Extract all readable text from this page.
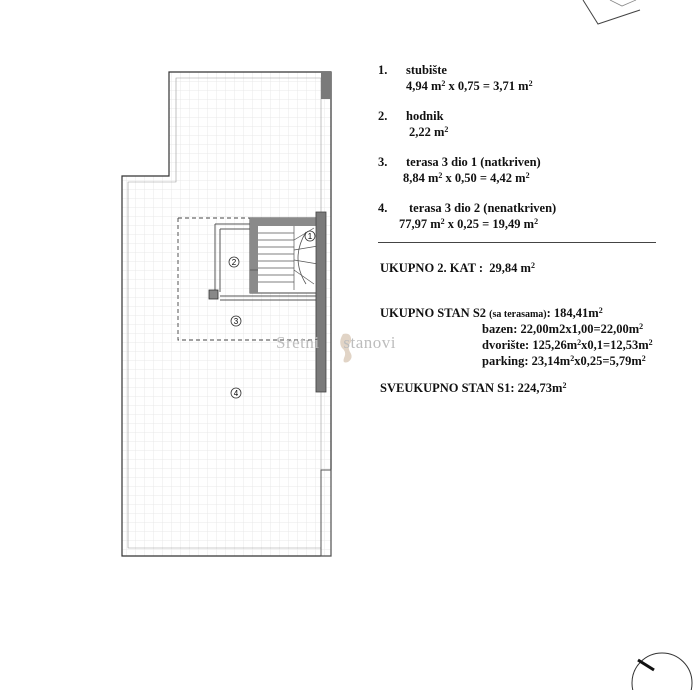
1
2
3
4
Sretni stanovi
1. stubište
4,94 $m^2$ x 0,75 = 3,71 $m^2$
2. hodnik
2,22 $m^2$
3. terasa 3 dio 1 (natkriven)
8,84 $m^2$ x 0,50 = 4,42 $m^2$
4. terasa 3 dio 2 (nenatkriven)
77,97 $m^2$ x 0,25 = 19,49 $m^2$
UKUPNO 2. KAT : 29,84 $m^2$
UKUPNO STAN S2 (sa terasama): $184,41m^2$
bazen: $22,00m2x1,00=22,00m^2$
dvorište: $125,26m^2x0,1=12,53m^2$
parking: $23,14m^2x0,25=5,79m^2$
SVEUKUPNO STAN S1: $224,73m^2$
